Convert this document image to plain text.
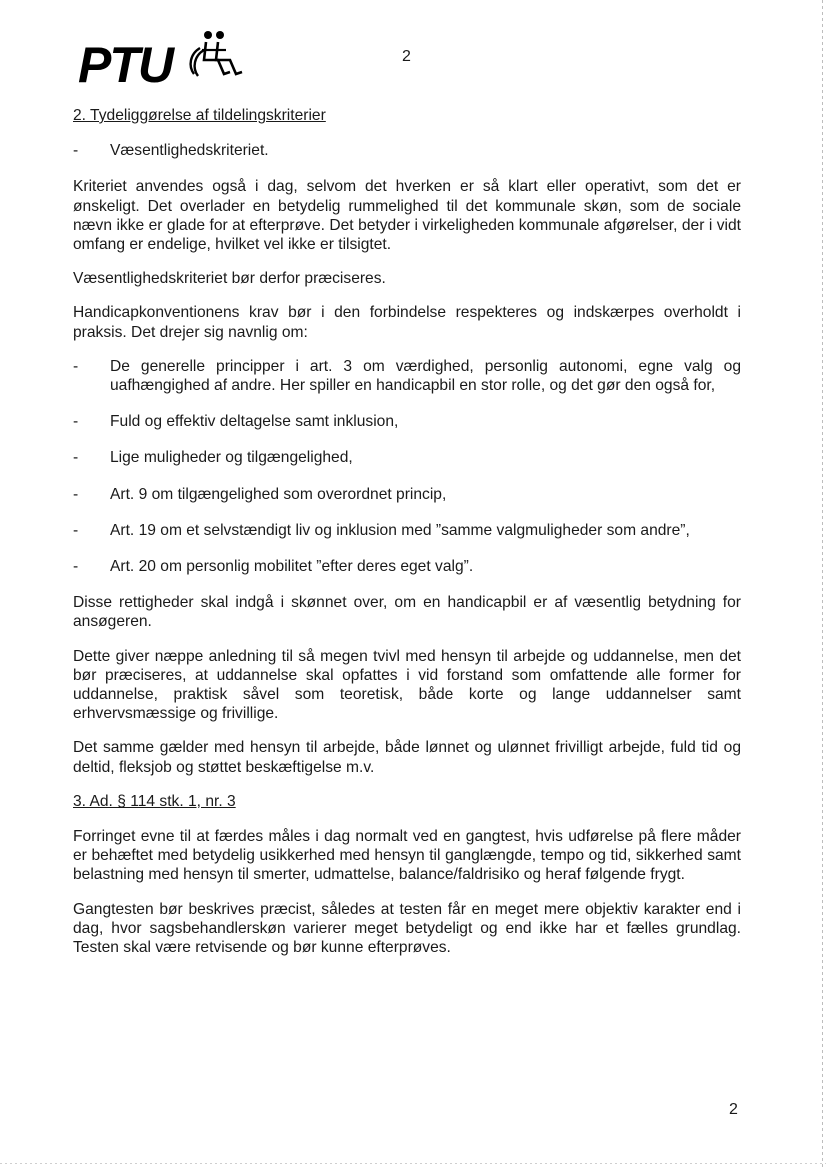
PTU	2
2. Tydeliggørelse af tildelingskriterier
- Væsentlighedskriteriet.

Kriteriet anvendes også i dag, selvom det hverken er så klart eller operativt, som det er ønskeligt. Det overlader en betydelig rummelighed til det kommunale skøn, som de sociale nævn ikke er glade for at efterprøve. Det betyder i virkeligheden kommunale afgørelser, der i vidt omfang er endelige, hvilket vel ikke er tilsigtet.

Væsentlighedskriteriet bør derfor præciseres.

Handicapkonventionens krav bør i den forbindelse respekteres og indskærpes overholdt i praksis. Det drejer sig navnlig om:

- De generelle principper i art. 3 om værdighed, personlig autonomi, egne valg og uafhængighed af andre. Her spiller en handicapbil en stor rolle, og det gør den også for,
- Fuld og effektiv deltagelse samt inklusion,
- Lige muligheder og tilgængelighed,
- Art. 9 om tilgængelighed som overordnet princip,
- Art. 19 om et selvstændigt liv og inklusion med ”samme valgmuligheder som andre”,
- Art. 20 om personlig mobilitet ”efter deres eget valg”.

Disse rettigheder skal indgå i skønnet over, om en handicapbil er af væsentlig betydning for ansøgeren.

Dette giver næppe anledning til så megen tvivl med hensyn til arbejde og uddannelse, men det bør præciseres, at uddannelse skal opfattes i vid forstand som omfattende alle former for uddannelse, praktisk såvel som teoretisk, både korte og lange uddannelser samt erhvervsmæssige og frivillige.

Det samme gælder med hensyn til arbejde, både lønnet og ulønnet frivilligt arbejde, fuld tid og deltid, fleksjob og støttet beskæftigelse m.v.

3. Ad. § 114 stk. 1, nr. 3

Forringet evne til at færdes måles i dag normalt ved en gangtest, hvis udførelse på flere måder er behæftet med betydelig usikkerhed med hensyn til ganglængde, tempo og tid, sikkerhed samt belastning med hensyn til smerter, udmattelse, balance/faldrisiko og heraf følgende frygt.

Gangtesten bør beskrives præcist, således at testen får en meget mere objektiv karakter end i dag, hvor sagsbehandlerskøn varierer meget betydeligt og end ikke har et fælles grundlag. Testen skal være retvisende og bør kunne efterprøves.

2
